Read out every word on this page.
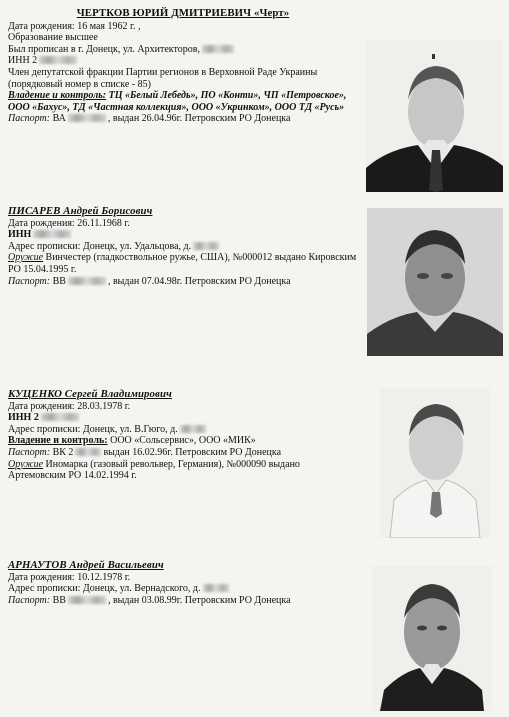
ЧЕРТКОВ ЮРИЙ ДМИТРИЕВИЧ «Черт»
Дата рождения: 16 мая 1962 г. ,
Образование высшее
Был прописан в г. Донецк, ул. Архитекторов,
ИНН 2
Член депутатской фракции Партии регионов в Верховной Раде Украины (порядковый номер в списке - 85)
Владение и контроль: ТЦ «Белый Лебедь», ПО «Конти», ЧП «Петровское», ООО «Бахус», ТД «Частная коллекция», ООО «Укринком», ООО ТД «Русь»
Паспорт: ВА	, выдан 26.04.96г. Петровским РО Донецка
ПИСАРЕВ Андрей Борисович
Дата рождения: 26.11.1968 г.
ИНН
Адрес прописки: Донецк, ул. Удальцова, д.
Оружие Винчестер (гладкоствольное ружье, США), №000012 выдано Кировским РО 15.04.1995 г.
Паспорт: ВВ	, выдан 07.04.98г. Петровским РО Донецка
КУЦЕНКО Сергей Владимирович
Дата рождения: 28.03.1978 г.
ИНН 2
Адрес прописки: Донецк, ул. В.Гюго, д.
Владение и контроль: ООО «Сольсервис», ООО «МИК»
Паспорт: ВК 2	выдан 16.02.96г. Петровским РО Донецка
Оружие Иномарка (газовый револьвер, Германия), №000090 выдано Артемовским РО 14.02.1994 г.
АРНАУТОВ Андрей Васильевич
Дата рождения: 10.12.1978 г.
Адрес прописки: Донецк, ул. Вернадского, д.
Паспорт: ВВ	, выдан 03.08.99г. Петровским РО Донецка
